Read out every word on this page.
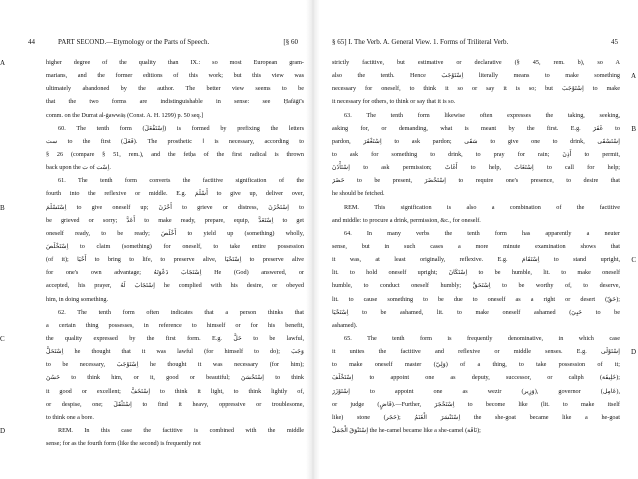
44	PART SECOND.—Etymology or the Parts of Speech.	[§ 60
A
B
C
D
higher degree of the quality than IX.: so most European gram-
marians, and the former editions of this work; but this view was
ultimately abandoned by the author. The better view seems to be
that the two forms are indistinguishable in sense: see Ḥafāġī's
comm. on the Durrat al-ġawwāṣ (Const. A. H. 1299) p. 50 seq.]
60. The tenth form (اِسْتَفْعَلَ) is formed by prefixing the letters
ست to the first (فَعَلَ). The prosthetic ا is necessary, according to
§ 26 (compare § 51, rem.), and the fetḥa of the first radical is thrown
back upon the ت of اِسْت.
61. The tenth form converts the factitive signification of the
fourth into the reflexive or middle. E.g. أَسْلَمَ to give up, deliver over,
اِسْتَسْلَمَ to give oneself up; أَحْزَنَ to grieve or distress, اِسْتَحْزَنَ to
be grieved or sorry; أَعَدَّ to make ready, prepare, equip, اِسْتَعَدَّ to get
oneself ready, to be ready; أَخْلَصَ to yield up (something) wholly,
اِسْتَخْلَصَ to claim (something) for oneself, to take entire possession
(of it); أَحْيَا to bring to life, to preserve alive, اِسْتَحْيَا to preserve alive
for one's own advantage; اِسْتَجَابَ دَعْوَتَهُ He (God) answered, or
accepted, his prayer, اِسْتَجَابَ لَهُ he complied with his desire, or obeyed
him, in doing something.
62. The tenth form often indicates that a person thinks that
a certain thing possesses, in reference to himself or for his benefit,
the quality expressed by the first form. E.g. حَلَّ to be lawful,
اِسْتَحَلَّ he thought that it was lawful (for himself to do); وَجَبَ
to be necessary, اِسْتَوْجَبَ he thought it was necessary (for him);
حَسُنَ to think him, or it, good or beautiful; اِسْتَحْسَنَ to think
it good or excellent; اِسْتَخَفَّ to think it light, to think lightly of,
or despise, one; اِسْتَثْقَلَ to find it heavy, oppressive or troublesome,
to think one a bore.
REM. In this case the factitive is combined with the middle
sense; for as the fourth form (like the second) is frequently not
§ 65] I. The Verb. A. General View. 1. Forms of Triliteral Verb.	45
A
B
C
D
strictly factitive, but estimative or declarative (§ 45, rem. b), so A
also the tenth. Hence اِسْتَوْجَبَ literally means to make something
necessary for oneself, to think it so or say it is so; but اِسْتَوْجَبَ to make
it necessary for others, to think or say that it is so.
63. The tenth form likewise often expresses the taking, seeking,
asking for, or demanding, what is meant by the first. E.g. غَفَرَ to
pardon, اِسْتَغْفَرَ to ask pardon; سَقَى to give one to drink, اِسْتَسْقَى
to ask for something to drink, to pray for rain; أَذِنَ to permit,
اِسْتَأْذَنَ to ask permission; أَغَاثَ to help, اِسْتَغَاثَ to call for help;
حَضَرَ to be present, اِسْتَحْضَرَ to require one's presence, to desire that
he should be fetched.
REM. This signification is also a combination of the factitive
and middle: to procure a drink, permission, &c., for oneself.
64. In many verbs the tenth form has apparently a neuter
sense, but in such cases a more minute examination shows that
it was, at least originally, reflexive. E.g. اِسْتَقَامَ to stand upright,
lit. to hold oneself upright; اِسْتَكَانَ to be humble, lit. to make oneself
humble, to conduct oneself humbly; اِسْتَحَقَّ to be worthy of, to deserve,
lit. to cause something to be due to oneself as a right or desert (حَقّ);
اِسْتَحْيَا to be ashamed, lit. to make oneself ashamed (حَيِيَ to be
ashamed).
65. The tenth form is frequently denominative, in which case
it unites the factitive and reflexive or middle senses. E.g. اِسْتَوْلَى
to make oneself master (وَلِيّ) of a thing, to take possession of it;
اِسْتَخْلَفَ to appoint one as deputy, successor, or caliph (خَلِيفَة);
اِسْتَوْزَرَ to appoint one as wezir (وَزِير), governor (عَامِل),
or judge (قَاضٍ).—Further, اِسْتَحْجَرَ to become like (lit. to make itself
like) stone (حَجَر); اِسْتَنْسَرَ الْغَنَمُ the she-goat became like a he-goat
اِسْتَنْوَقَ الْجَمَلُ the he-camel became like a she-camel (نَاقَة);
